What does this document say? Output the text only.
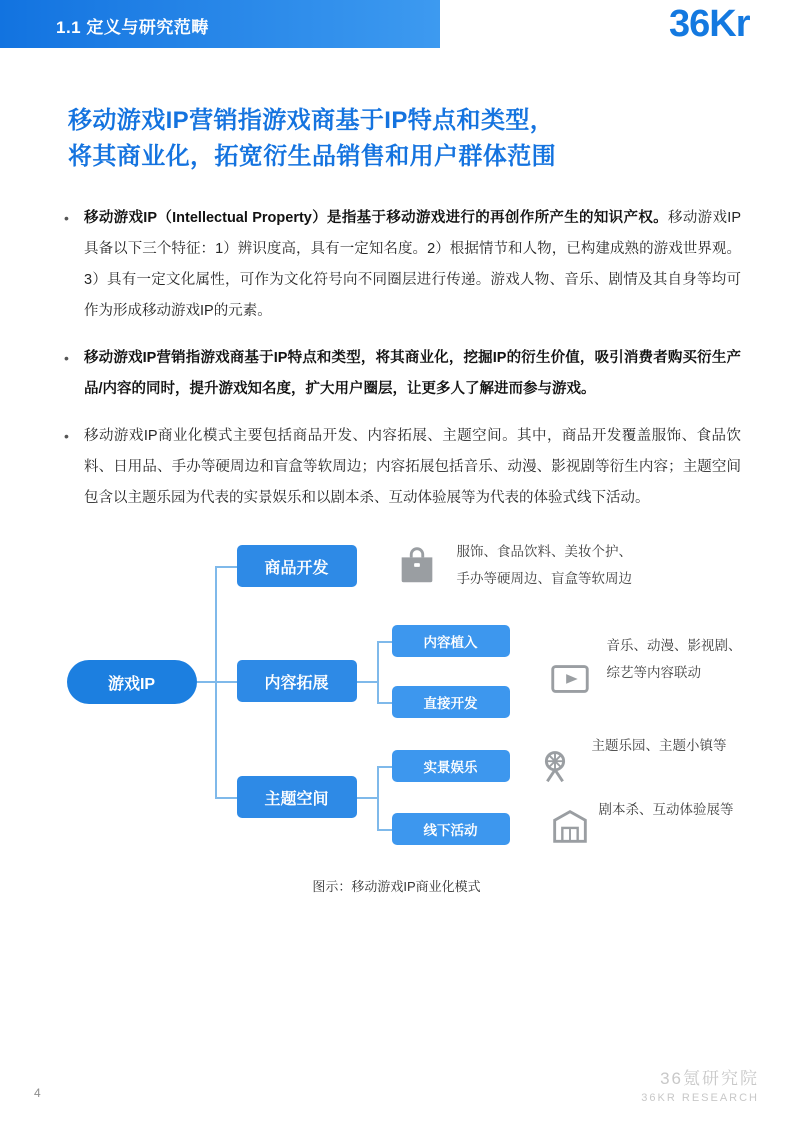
1.1 定义与研究范畴	36Kr
移动游戏IP营销指游戏商基于IP特点和类型，
将其商业化，拓宽衍生品销售和用户群体范围
•	移动游戏IP（Intellectual Property）是指基于移动游戏进行的再创作所产生的知识产权。移动游戏IP具备以下三个特征：1）辨识度高，具有一定知名度。2）根据情节和人物，已构建成熟的游戏世界观。3）具有一定文化属性，可作为文化符号向不同圈层进行传递。游戏人物、音乐、剧情及其自身等均可作为形成移动游戏IP的元素。
•	移动游戏IP营销指游戏商基于IP特点和类型，将其商业化，挖掘IP的衍生价值，吸引消费者购买衍生产品/内容的同时，提升游戏知名度，扩大用户圈层，让更多人了解进而参与游戏。
•	移动游戏IP商业化模式主要包括商品开发、内容拓展、主题空间。其中，商品开发覆盖服饰、食品饮料、日用品、手办等硬周边和盲盒等软周边；内容拓展包括音乐、动漫、影视剧等衍生内容；主题空间包含以主题乐园为代表的实景娱乐和以剧本杀、互动体验展等为代表的体验式线下活动。
游戏IP
商品开发
内容拓展
主题空间
内容植入
直接开发
实景娱乐
线下活动
服饰、食品饮料、美妆个护、手办等硬周边、盲盒等软周边
音乐、动漫、影视剧、综艺等内容联动
主题乐园、主题小镇等
剧本杀、互动体验展等
图示：移动游戏IP商业化模式
4
36氪研究院
36KR RESEARCH
